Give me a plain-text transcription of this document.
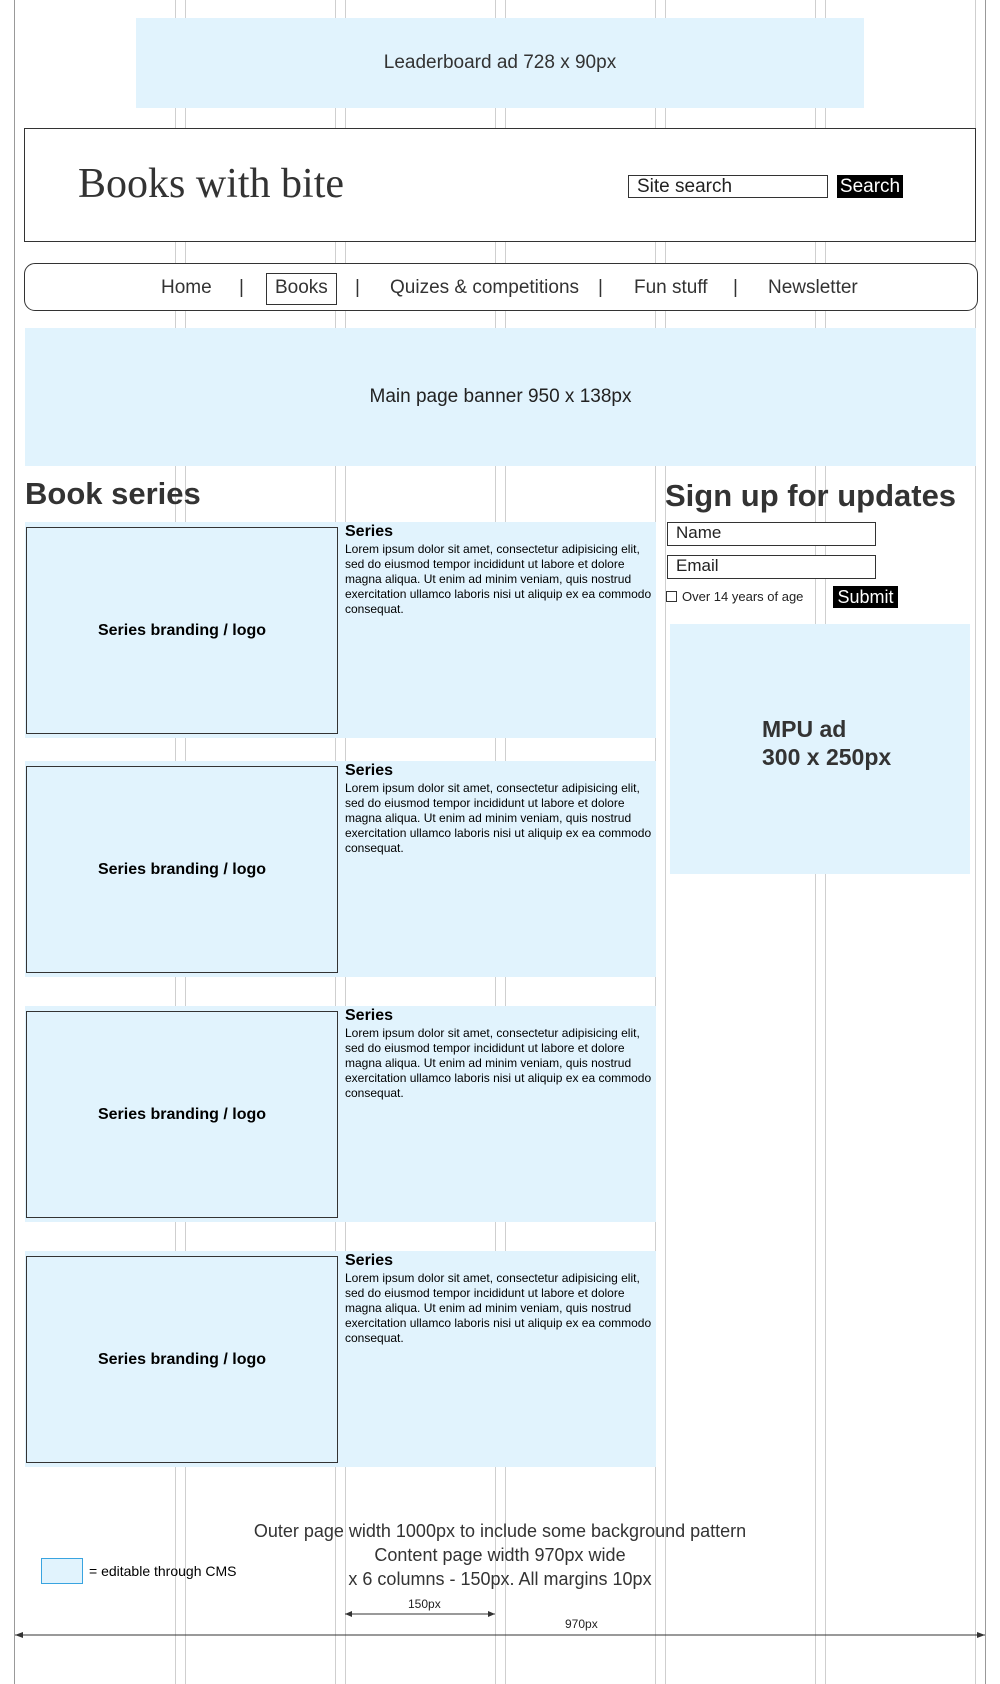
Leaderboard ad 728 x 90px
Books with bite	Site search	Search
Home |	Books	| Quizes & competitions | Fun stuff | Newsletter
Main page banner 950 x 138px
Book series	Sign up for updates
Series branding / logo
Series
Lorem ipsum dolor sit amet, consectetur adipisicing elit, sed do eiusmod tempor incididunt ut labore et dolore magna aliqua. Ut enim ad minim veniam, quis nostrud exercitation ullamco laboris nisi ut aliquip ex ea commodo consequat.
Series branding / logo
Series
Lorem ipsum dolor sit amet, consectetur adipisicing elit, sed do eiusmod tempor incididunt ut labore et dolore magna aliqua. Ut enim ad minim veniam, quis nostrud exercitation ullamco laboris nisi ut aliquip ex ea commodo consequat.
Series branding / logo
Series
Lorem ipsum dolor sit amet, consectetur adipisicing elit, sed do eiusmod tempor incididunt ut labore et dolore magna aliqua. Ut enim ad minim veniam, quis nostrud exercitation ullamco laboris nisi ut aliquip ex ea commodo consequat.
Series branding / logo
Series
Lorem ipsum dolor sit amet, consectetur adipisicing elit, sed do eiusmod tempor incididunt ut labore et dolore magna aliqua. Ut enim ad minim veniam, quis nostrud exercitation ullamco laboris nisi ut aliquip ex ea commodo consequat.
Name
Email
Over 14 years of age Submit
MPU ad
300 x 250px
Outer page width 1000px to include some background pattern
Content page width 970px wide
x 6 columns - 150px. All margins 10px
= editable through CMS
150px
970px
